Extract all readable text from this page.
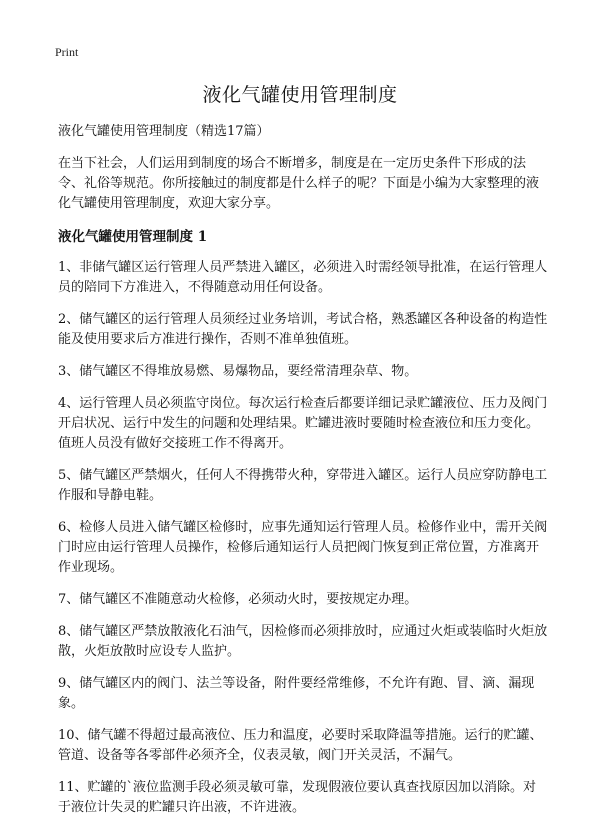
Print
液化气罐使用管理制度

液化气罐使用管理制度（精选17篇）

在当下社会，人们运用到制度的场合不断增多，制度是在一定历史条件下形成的法令、礼俗等规范。你所接触过的制度都是什么样子的呢？下面是小编为大家整理的液化气罐使用管理制度，欢迎大家分享。

液化气罐使用管理制度 1

1、非储气罐区运行管理人员严禁进入罐区，必须进入时需经领导批准，在运行管理人员的陪同下方准进入，不得随意动用任何设备。

2、储气罐区的运行管理人员须经过业务培训，考试合格，熟悉罐区各种设备的构造性能及使用要求后方准进行操作，否则不准单独值班。

3、储气罐区不得堆放易燃、易爆物品，要经常清理杂草、物。

4、运行管理人员必须监守岗位。每次运行检查后都要详细记录贮罐液位、压力及阀门开启状况、运行中发生的问题和处理结果。贮罐进液时要随时检查液位和压力变化。值班人员没有做好交接班工作不得离开。

5、储气罐区严禁烟火，任何人不得携带火种，穿带进入罐区。运行人员应穿防静电工作服和导静电鞋。

6、检修人员进入储气罐区检修时，应事先通知运行管理人员。检修作业中，需开关阀门时应由运行管理人员操作，检修后通知运行人员把阀门恢复到正常位置，方准离开作业现场。

7、储气罐区不准随意动火检修，必须动火时，要按规定办理。

8、储气罐区严禁放散液化石油气，因检修而必须排放时，应通过火炬或装临时火炬放散，火炬放散时应设专人监护。

9、储气罐区内的阀门、法兰等设备，附件要经常维修，不允许有跑、冒、滴、漏现象。

10、储气罐不得超过最高液位、压力和温度，必要时采取降温等措施。运行的贮罐、管道、设备等各零部件必须齐全，仪表灵敏，阀门开关灵活，不漏气。

11、贮罐的`液位监测手段必须灵敏可靠，发现假液位要认真查找原因加以消除。对于液位计失灵的贮罐只许出液，不许进液。
